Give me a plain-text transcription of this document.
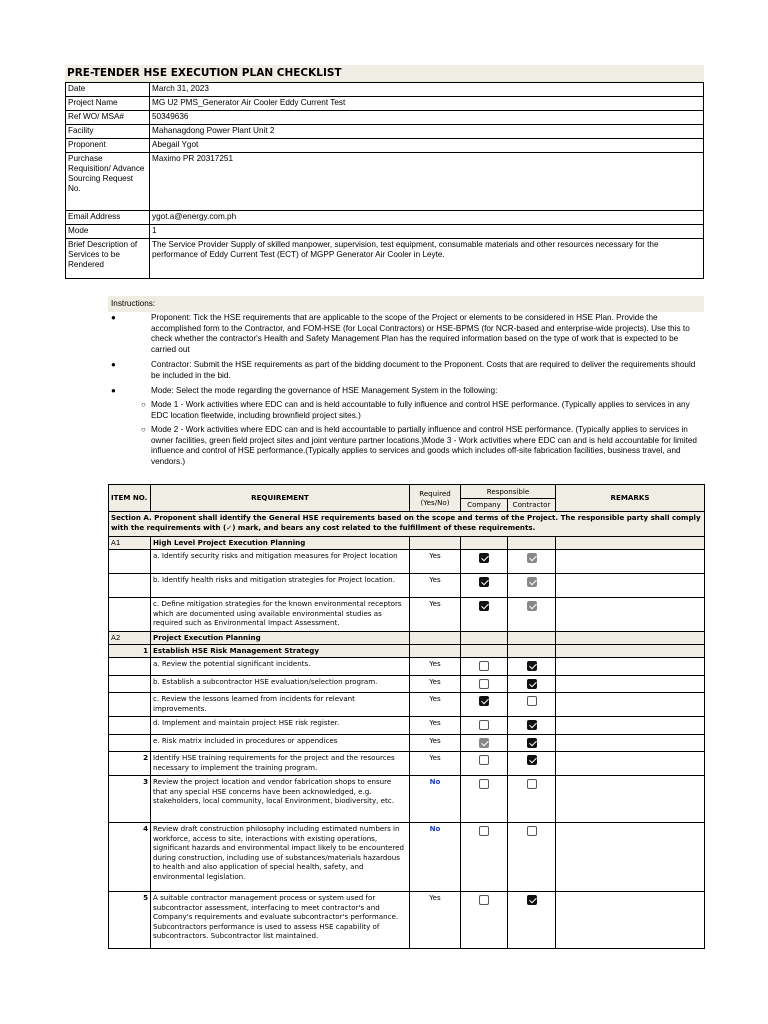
PRE-TENDER HSE EXECUTION PLAN CHECKLIST
Date	March 31, 2023
Project Name	MG U2 PMS_Generator Air Cooler Eddy Current Test
Ref WO/ MSA#	50349636
Facility	Mahanagdong Power Plant Unit 2
Proponent	Abegail Ygot
Purchase Requisition/ Advance Sourcing Request No.	Maximo PR 20317251
Email Address	ygot.a@energy.com.ph
Mode	1
Brief Description of Services to be Rendered	The Service Provider Supply of skilled manpower, supervision, test equipment, consumable materials and other resources necessary for the performance of Eddy Current Test (ECT) of MGPP Generator Air Cooler in Leyte.
Instructions:
●	Proponent: Tick the HSE requirements that are applicable to the scope of the Project or elements to be considered in HSE Plan. Provide the accomplished form to the Contractor, and FOM-HSE (for Local Contractors) or HSE-BPMS (for NCR-based and enterprise-wide projects). Use this to check whether the contractor's Health and Safety Management Plan has the required information based on the type of work that is expected to be carried out
●	Contractor: Submit the HSE requirements as part of the bidding document to the Proponent. Costs that are required to deliver the requirements should be included in the bid.
●	Mode: Select the mode regarding the governance of HSE Management System in the following:
○ Mode 1 - Work activities where EDC can and is held accountable to fully influence and control HSE performance. (Typically applies to services in any EDC location fleetwide, including brownfield project sites.)
○ Mode 2 - Work activities where EDC can and is held accountable to partially influence and control HSE performance. (Typically applies to services in owner facilities, green field project sites and joint venture partner locations.)Mode 3 - Work activities where EDC can and is held accountable for limited influence and control of HSE performance.(Typically applies to services and goods which includes off-site fabrication facilities, business travel, and vendors.)
ITEM NO.	REQUIREMENT	Required (Yes/No)	Responsible		REMARKS
			Company	Contractor	
Section A. Proponent shall identify the General HSE requirements based on the scope and terms of the Project. The responsible party shall comply with the requirements with (✓) mark, and bears any cost related to the fulfillment of these requirements.					
A1	High Level Project Execution Planning				
	a. Identify security risks and mitigation measures for Project location	Yes			
	b. Identify health risks and mitigation strategies for Project location.	Yes			
	c. Define mitigation strategies for the known environmental receptors which are documented using available environmental studies as required such as Environmental Impact Assessment.	Yes			
A2	Project Execution Planning				
1	Establish HSE Risk Management Strategy				
	a. Review the potential significant incidents.	Yes			
	b. Establish a subcontractor HSE evaluation/selection program.	Yes			
	c. Review the lessons learned from incidents for relevant improvements.	Yes			
	d. Implement and maintain project HSE risk register.	Yes			
	e. Risk matrix included in procedures or appendices	Yes			
2	Identify HSE training requirements for the project and the resources necessary to implement the training program.	Yes			
3	Review the project location and vendor fabrication shops to ensure that any special HSE concerns have been acknowledged, e.g. stakeholders, local community, local Environment, biodiversity, etc.	No			
4	Review draft construction philosophy including estimated numbers in workforce, access to site, interactions with existing operations, significant hazards and environmental impact likely to be encountered during construction, including use of substances/materials hazardous to health and also application of special health, safety, and environmental legislation.	No			
5	A suitable contractor management process or system used for subcontractor assessment, interfacing to meet contractor's and Company's requirements and evaluate subcontractor's performance. Subcontractors performance is used to assess HSE capability of subcontractors. Subcontractor list maintained.	Yes			
